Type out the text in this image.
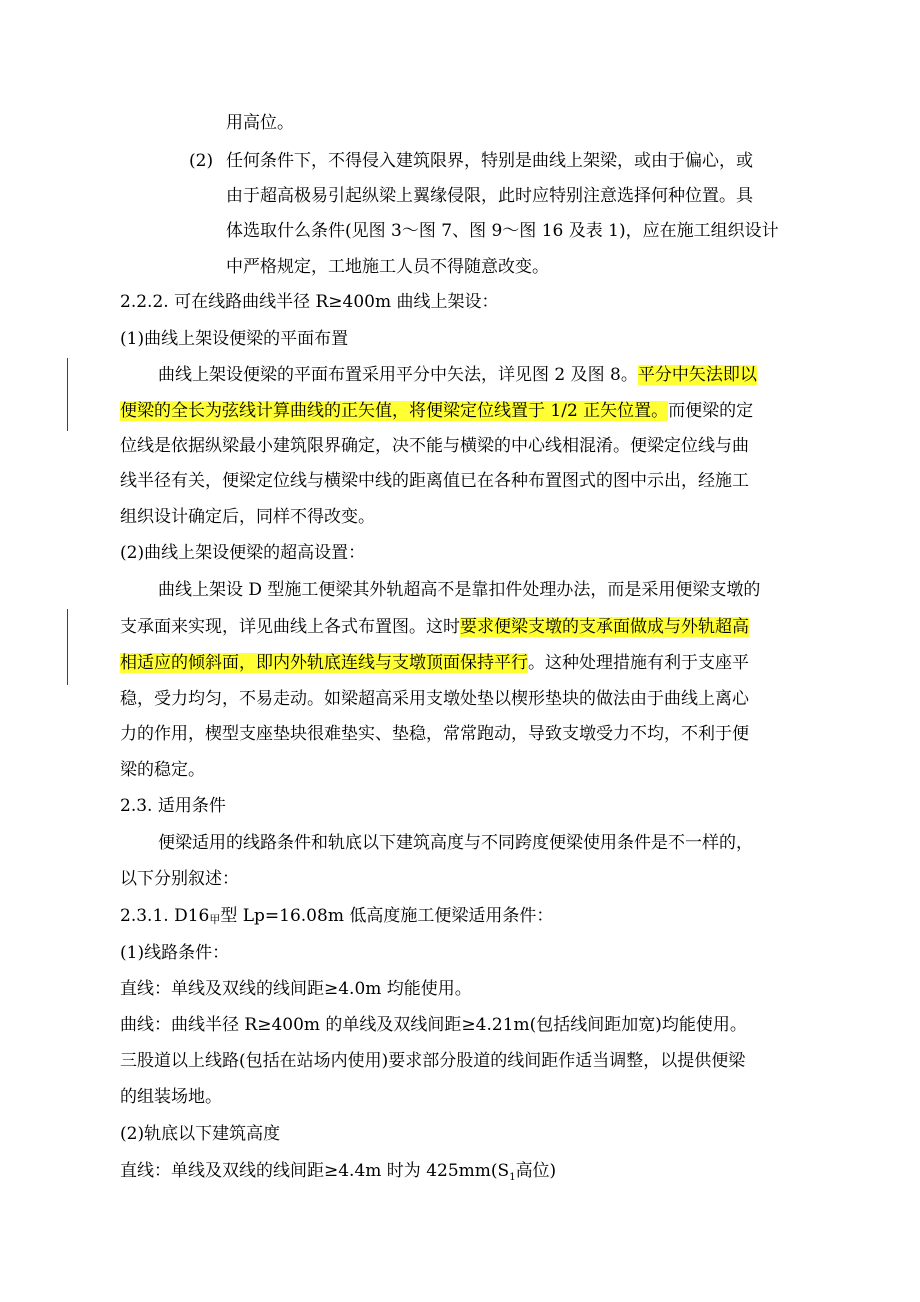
用高位。
(2) 任何条件下，不得侵入建筑限界，特别是曲线上架梁，或由于偏心，或
由于超高极易引起纵梁上翼缘侵限，此时应特别注意选择何种位置。具
体选取什么条件(见图 3～图 7、图 9～图 16 及表 1)，应在施工组织设计
中严格规定，工地施工人员不得随意改变。
2.2.2. 可在线路曲线半径 R≥400m 曲线上架设：
(1)曲线上架设便梁的平面布置
曲线上架设便梁的平面布置采用平分中矢法，详见图 2 及图 8。平分中矢法即以
便梁的全长为弦线计算曲线的正矢值，将便梁定位线置于 1/2 正矢位置。而便梁的定
位线是依据纵梁最小建筑限界确定，决不能与横梁的中心线相混淆。便梁定位线与曲
线半径有关，便梁定位线与横梁中线的距离值已在各种布置图式的图中示出，经施工
组织设计确定后，同样不得改变。
(2)曲线上架设便梁的超高设置：
曲线上架设 D 型施工便梁其外轨超高不是靠扣件处理办法，而是采用便梁支墩的
支承面来实现，详见曲线上各式布置图。这时要求便梁支墩的支承面做成与外轨超高
相适应的倾斜面，即内外轨底连线与支墩顶面保持平行。这种处理措施有利于支座平
稳，受力均匀，不易走动。如梁超高采用支墩处垫以楔形垫块的做法由于曲线上离心
力的作用，楔型支座垫块很难垫实、垫稳，常常跑动，导致支墩受力不均，不利于便
梁的稳定。
2.3. 适用条件
便梁适用的线路条件和轨底以下建筑高度与不同跨度便梁使用条件是不一样的，
以下分别叙述：
2.3.1. D16甲型 Lp=16.08m 低高度施工便梁适用条件：
(1)线路条件：
直线：单线及双线的线间距≥4.0m 均能使用。
曲线：曲线半径 R≥400m 的单线及双线间距≥4.21m(包括线间距加宽)均能使用。
三股道以上线路(包括在站场内使用)要求部分股道的线间距作适当调整，以提供便梁
的组装场地。
(2)轨底以下建筑高度
直线：单线及双线的线间距≥4.4m 时为 $425mm(S_1$高位)
